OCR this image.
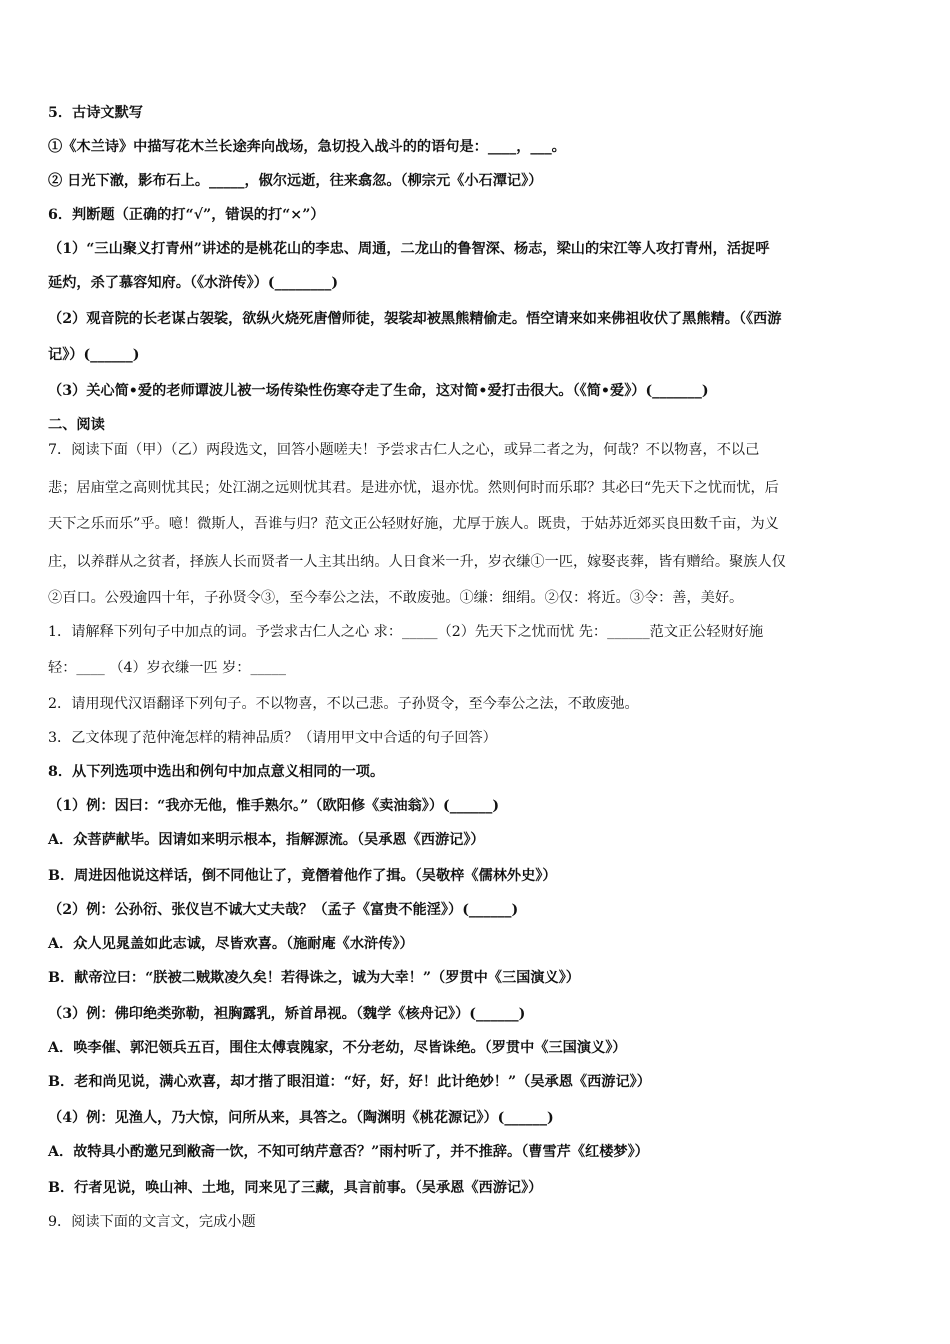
5．古诗文默写
①《木兰诗》中描写花木兰长途奔向战场，急切投入战斗的的语句是：____，___。
② 日光下澈，影布石上。_____，俶尔远逝，往来翕忽。（柳宗元《小石潭记》）
6．判断题（正确的打“√”，错误的打“×”）
（1）“三山聚义打青州”讲述的是桃花山的李忠、周通，二龙山的鲁智深、杨志，梁山的宋江等人攻打青州，活捉呼
延灼，杀了慕容知府。（《水浒传》）(________)
（2）观音院的长老谋占袈裟，欲纵火烧死唐僧师徒，袈裟却被黑熊精偷走。悟空请来如来佛祖收伏了黑熊精。（《西游
记》）(______)
（3）关心简•爱的老师谭波儿被一场传染性伤寒夺走了生命，这对简•爱打击很大。（《简•爱》）(_______)
二、阅读
7．阅读下面（甲）（乙）两段选文，回答小题嗟夫！予尝求古仁人之心，或异二者之为，何哉？不以物喜，不以己
悲；居庙堂之高则忧其民；处江湖之远则忧其君。是进亦忧，退亦忧。然则何时而乐耶？其必曰“先天下之忧而忧，后
天下之乐而乐”乎。噫！微斯人，吾谁与归？范文正公轻财好施，尤厚于族人。既贵，于姑苏近郊买良田数千亩，为义
庄，以养群从之贫者，择族人长而贤者一人主其出纳。人日食米一升，岁衣缣①一匹，嫁娶丧葬，皆有赠给。聚族人仅
②百口。公殁逾四十年，子孙贤令③，至今奉公之法，不敢废弛。①缣：细绢。②仅：将近。③令：善，美好。
1．请解释下列句子中加点的词。予尝求古仁人之心 求：_____（2）先天下之忧而忧 先：______范文正公轻财好施
轻：____ （4）岁衣缣一匹 岁：_____
2．请用现代汉语翻译下列句子。不以物喜，不以己悲。子孙贤令，至今奉公之法，不敢废弛。
3．乙文体现了范仲淹怎样的精神品质？（请用甲文中合适的句子回答）
8．从下列选项中选出和例句中加点意义相同的一项。
（1）例：因曰：“我亦无他，惟手熟尔。”（欧阳修《卖油翁》）(______)
A．众菩萨献毕。因请如来明示根本，指解源流。（吴承恩《西游记》）
B．周进因他说这样话，倒不同他让了，竟僭着他作了揖。（吴敬梓《儒林外史》）
（2）例：公孙衍、张仪岂不诚大丈夫哉？（孟子《富贵不能淫》）(______)
A．众人见晁盖如此志诚，尽皆欢喜。（施耐庵《水浒传》）
B．献帝泣曰：“朕被二贼欺凌久矣！若得诛之，诚为大幸！”（罗贯中《三国演义》）
（3）例：佛印绝类弥勒，袒胸露乳，矫首昂视。（魏学《核舟记》）(______)
A．唤李催、郭汜领兵五百，围住太傅袁隗家，不分老幼，尽皆诛绝。（罗贯中《三国演义》）
B．老和尚见说，满心欢喜，却才揩了眼泪道：“好，好，好！此计绝妙！”（吴承恩《西游记》）
（4）例：见渔人，乃大惊，问所从来，具答之。（陶渊明《桃花源记》）(______)
A．故特具小酌邀兄到敝斋一饮，不知可纳芹意否？”雨村听了，并不推辞。（曹雪芹《红楼梦》）
B．行者见说，唤山神、土地，同来见了三藏，具言前事。（吴承恩《西游记》）
9．阅读下面的文言文，完成小题
